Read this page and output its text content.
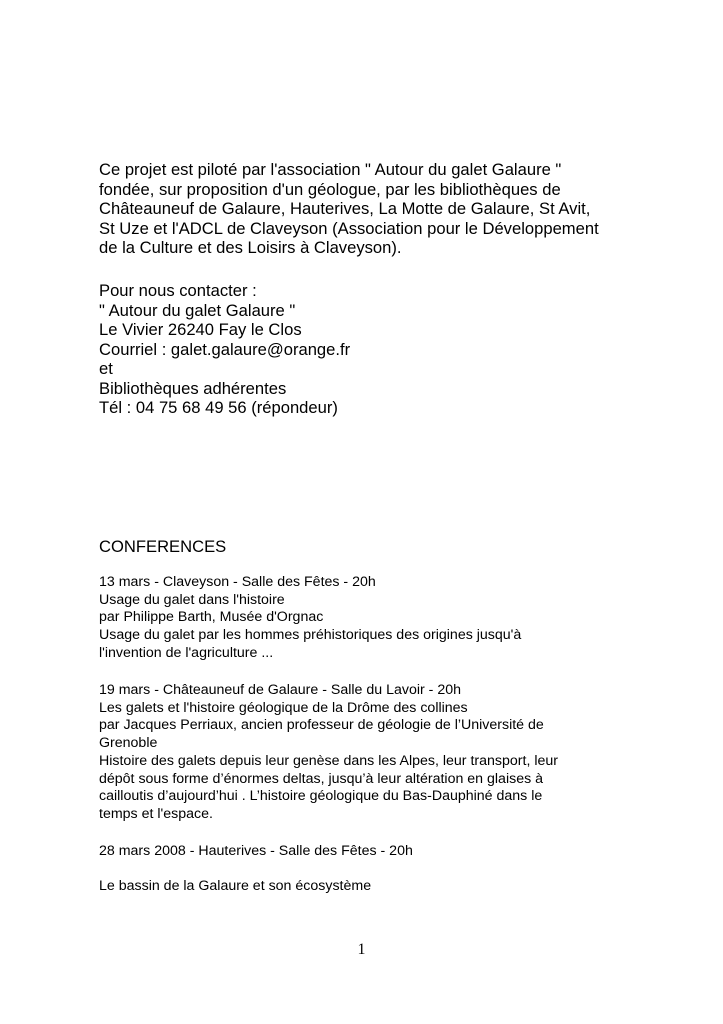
Ce projet est piloté par l'association " Autour du galet Galaure "
fondée, sur proposition d'un géologue, par les bibliothèques de
Châteauneuf de Galaure, Hauterives, La Motte de Galaure, St Avit,
St Uze et l'ADCL de Claveyson (Association pour le Développement
de la Culture et des Loisirs à Claveyson).
Pour nous contacter :
" Autour du galet Galaure "
Le Vivier 26240 Fay le Clos
Courriel : galet.galaure@orange.fr
et
Bibliothèques adhérentes
Tél : 04 75 68 49 56 (répondeur)
CONFERENCES
13 mars - Claveyson - Salle des Fêtes - 20h
Usage du galet dans l'histoire
par Philippe Barth, Musée d'Orgnac
Usage du galet par les hommes préhistoriques des origines jusqu'à
l'invention de l'agriculture ...
19 mars - Châteauneuf de Galaure - Salle du Lavoir - 20h
Les galets et l'histoire géologique de la Drôme des collines
par Jacques Perriaux, ancien professeur de géologie de l’Université de
Grenoble
Histoire des galets depuis leur genèse dans les Alpes, leur transport, leur
dépôt sous forme d’énormes deltas, jusqu’à leur altération en glaises à
cailloutis d’aujourd’hui . L’histoire géologique du Bas-Dauphiné dans le
temps et l'espace.
28 mars 2008 - Hauterives - Salle des Fêtes - 20h
Le bassin de la Galaure et son écosystème
1
